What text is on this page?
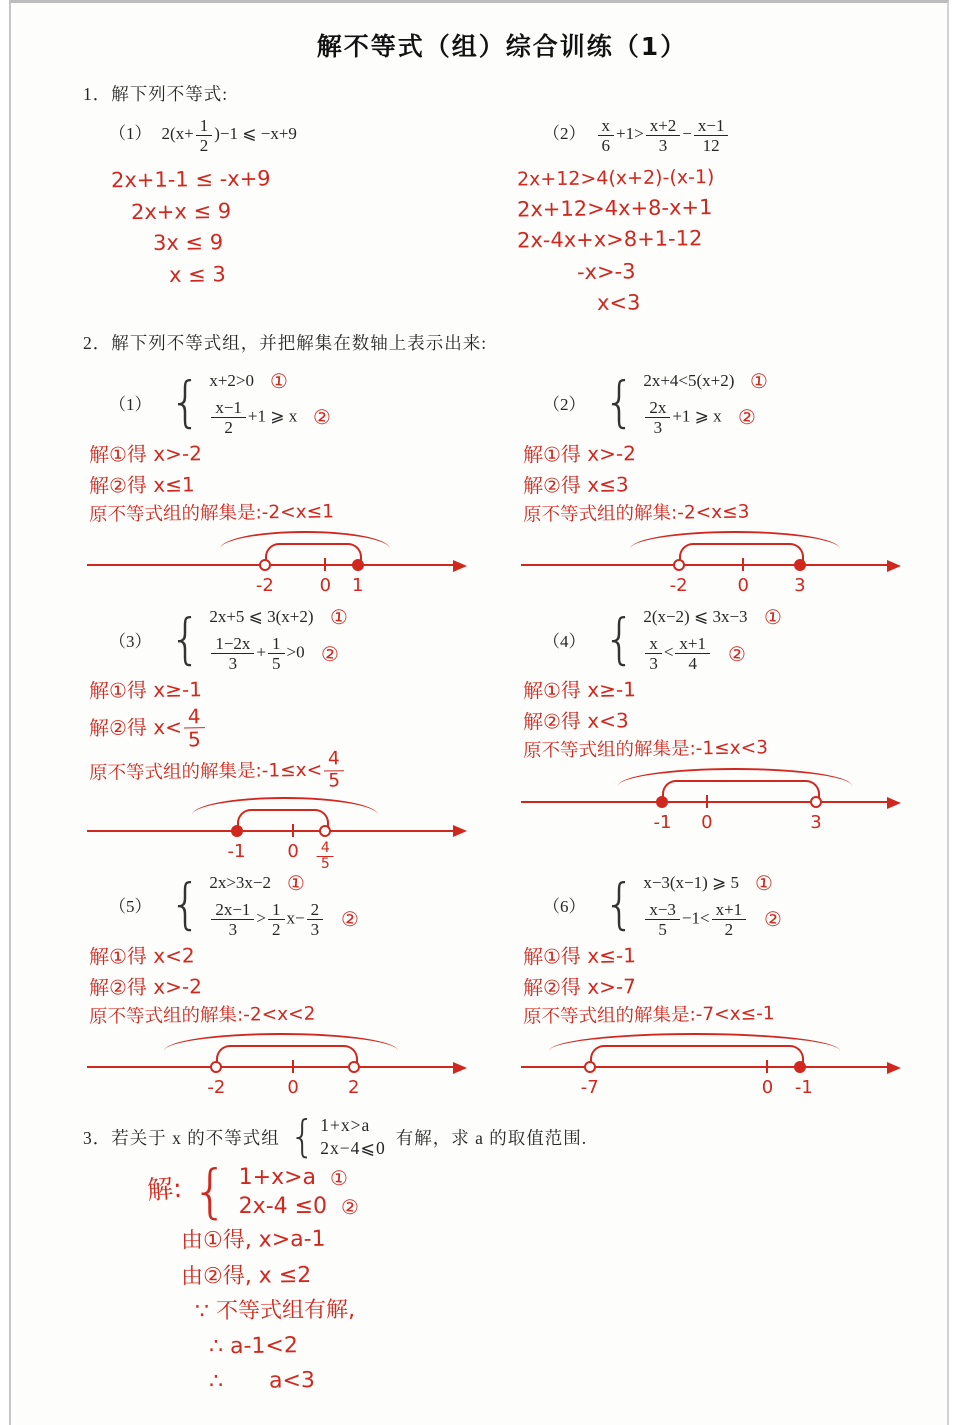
解不等式（组）综合训练（1）
1．解下列不等式:
（1） $2(x+ \frac{1}{2} )-1$ ⩽ −x+9
2x+1-1 ≤ -x+9
2x+x ≤ 9
3x ≤ 9
x ≤ 3
$(2) \frac{x}{6} +1> \frac{x+2}{3} - \frac{x-1}{12}$
2x+12>4(x+2)-(x-1)
2x+12>4x+8-x+1
2x-4x+x>8+1-12
-x>-3
x<3
2．解下列不等式组，并把解集在数轴上表示出来:
（1） { x+2>0 ①
$\frac{x-1}{2} +1$ ⩾ x ②
解①得 x>-2
解②得 x≤1
原不等式组的解集是:-2<x≤1
-2	0 1
（2） { 2x+4<5(x+2) ①
$\frac{2x}{3} +1$ ⩾ x ②
解①得 x>-2
解②得 x≤3
原不等式组的解集:-2<x≤3
-2	0	3
（3） { 2x+5 ⩽ 3(x+2) ①
$\frac{1-2x}{3} + \frac{1}{5} >0$ ②
解①得 x≥-1
解②得 $x< \frac{4}{5}$
原不等式组的解集是:-1≤x< $\frac{4}{5}$
-1 $0 \frac{4}{5}$
（4） { 2(x−2) ⩽ 3x−3 ①
$\frac{x}{3} < \frac{x+1}{4}$ ②
解①得 x≥-1
解②得 x<3
原不等式组的解集是:-1≤x<3
-1 0	3
（5） { 2x>3x−2 ①
$\frac{2x-1}{3} > \frac{1}{2} x- \frac{2}{3}$ ②
解①得 x<2
解②得 x>-2
原不等式组的解集:-2<x<2
-2	0	2
（6） { x−3(x−1) ⩾ 5 ①
$\frac{x-3}{5} -1< \frac{x+1}{2}$ ②
解①得 x≤-1
解②得 x>-7
原不等式组的解集是:-7<x≤-1
-7	0 -1
3．若关于 x 的不等式组 { 1+x>a
2x−4⩽0
有解，求 a 的取值范围.
解: { 1+x>a ①
2x-4 ≤0 ②
由①得, x>a-1
由②得, x ≤2
∵ 不等式组有解,
∴ a-1<2
∴ a<3
